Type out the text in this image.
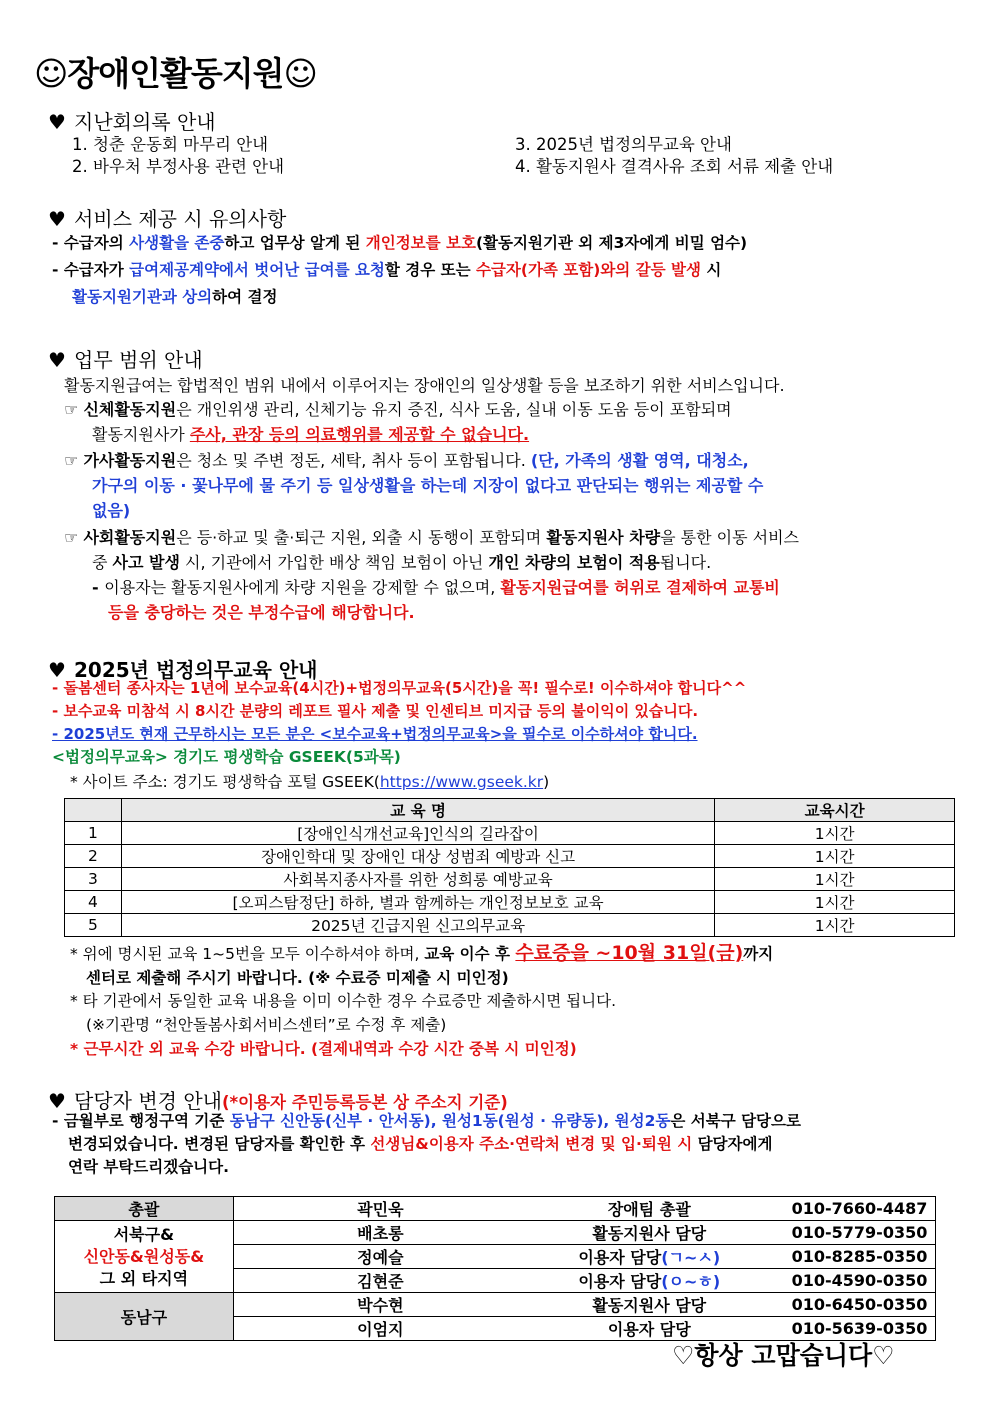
☺장애인활동지원☺
♥ 지난회의록 안내
1. 청춘 운동회 마무리 안내
2. 바우처 부정사용 관련 안내
3. 2025년 법정의무교육 안내
4. 활동지원사 결격사유 조회 서류 제출 안내
♥ 서비스 제공 시 유의사항
- 수급자의 사생활을 존중하고 업무상 알게 된 개인정보를 보호(활동지원기관 외 제3자에게 비밀 엄수)
- 수급자가 급여제공계약에서 벗어난 급여를 요청할 경우 또는 수급자(가족 포함)와의 갈등 발생 시
활동지원기관과 상의하여 결정
♥ 업무 범위 안내
활동지원급여는 합법적인 범위 내에서 이루어지는 장애인의 일상생활 등을 보조하기 위한 서비스입니다.
☞ 신체활동지원은 개인위생 관리, 신체기능 유지 증진, 식사 도움, 실내 이동 도움 등이 포함되며
활동지원사가 주사, 관장 등의 의료행위를 제공할 수 없습니다.
☞ 가사활동지원은 청소 및 주변 정돈, 세탁, 취사 등이 포함됩니다. (단, 가족의 생활 영역, 대청소,
가구의 이동 · 꽃나무에 물 주기 등 일상생활을 하는데 지장이 없다고 판단되는 행위는 제공할 수
없음)
☞ 사회활동지원은 등·하교 및 출·퇴근 지원, 외출 시 동행이 포함되며 활동지원사 차량을 통한 이동 서비스
중 사고 발생 시, 기관에서 가입한 배상 책임 보험이 아닌 개인 차량의 보험이 적용됩니다.
- 이용자는 활동지원사에게 차량 지원을 강제할 수 없으며, 활동지원급여를 허위로 결제하여 교통비
등을 충당하는 것은 부정수급에 해당합니다.
♥ 2025년 법정의무교육 안내
- 돌봄센터 종사자는 1년에 보수교육(4시간)+법정의무교육(5시간)을 꼭! 필수로! 이수하셔야 합니다^^
- 보수교육 미참석 시 8시간 분량의 레포트 필사 제출 및 인센티브 미지급 등의 불이익이 있습니다.
- 2025년도 현재 근무하시는 모든 분은 <보수교육+법정의무교육>을 필수로 이수하셔야 합니다.
<법정의무교육> 경기도 평생학습 GSEEK(5과목)
* 사이트 주소: 경기도 평생학습 포털 GSEEK(https://www.gseek.kr)
	교 육 명	교육시간
1	[장애인식개선교육]인식의 길라잡이	1시간
2	장애인학대 및 장애인 대상 성범죄 예방과 신고	1시간
3	사회복지종사자를 위한 성희롱 예방교육	1시간
4	[오피스탐정단] 하하, 별과 함께하는 개인정보보호 교육	1시간
5	2025년 긴급지원 신고의무교육	1시간
* 위에 명시된 교육 1~5번을 모두 이수하셔야 하며, 교육 이수 후 수료증을 ~10월 31일(금)까지
센터로 제출해 주시기 바랍니다. (※ 수료증 미제출 시 미인정)
* 타 기관에서 동일한 교육 내용을 이미 이수한 경우 수료증만 제출하시면 됩니다.
(※기관명 “천안돌봄사회서비스센터”로 수정 후 제출)
* 근무시간 외 교육 수강 바랍니다. (결제내역과 수강 시간 중복 시 미인정)
♥ 담당자 변경 안내(*이용자 주민등록등본 상 주소지 기준)
- 금월부로 행정구역 기준 동남구 신안동(신부 · 안서동), 원성1동(원성 · 유량동), 원성2동은 서북구 담당으로
변경되었습니다. 변경된 담당자를 확인한 후 선생님&이용자 주소·연락처 변경 및 입·퇴원 시 담당자에게
연락 부탁드리겠습니다.
총괄	곽민욱	장애팀 총괄	010-7660-4487

서북구&
신안동&원성동&
그 외 타지역	배초롱	활동지원사 담당	010-5779-0350
	정예슬	이용자 담당(ㄱ~ㅅ)	010-8285-0350
	김현준	이용자 담당(ㅇ~ㅎ)	010-4590-0350
동남구	박수현	활동지원사 담당	010-6450-0350
	이엄지	이용자 담당	010-5639-0350
♡항상 고맙습니다♡
